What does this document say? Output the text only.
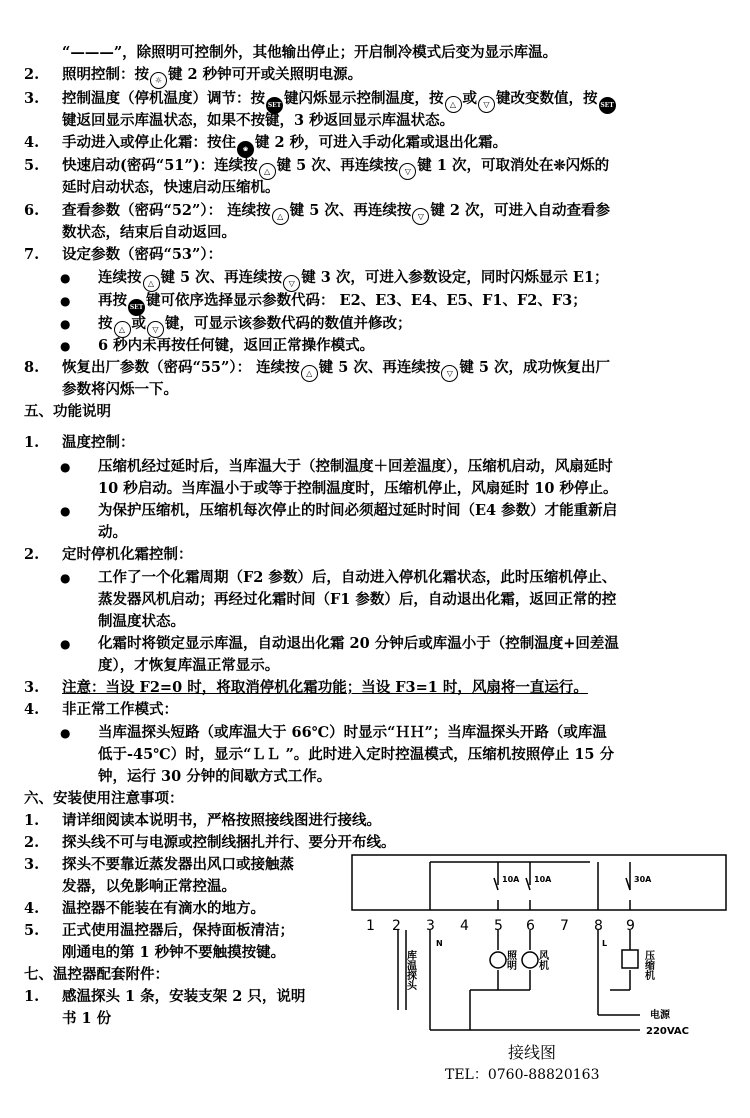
“———”，除照明可控制外，其他输出停止；开启制冷模式后变为显示库温。
2. 照明控制：按 ☼ 键 2 秒钟可开或关照明电源。
3. 控制温度（停机温度）调节：按 SET 键闪烁显示控制温度，按 △ 或 ▽ 键改变数值，按 SET
键返回显示库温状态，如果不按键，3 秒返回显示库温状态。
4. 手动进入或停止化霜：按住 ❀ 键 2 秒，可进入手动化霜或退出化霜。
5. 快速启动(密码“51”)：连续按 △ 键 5 次、再连续按 ▽ 键 1 次，可取消处在❊闪烁的
延时启动状态，快速启动压缩机。
6. 查看参数（密码“52”）： 连续按 △ 键 5 次、再连续按 ▽ 键 2 次，可进入自动查看参
数状态，结束后自动返回。
7. 设定参数（密码“53”）：
● 连续按 △ 键 5 次、再连续按 ▽ 键 3 次，可进入参数设定，同时闪烁显示 E1；
● 再按 SET 键可依序选择显示参数代码： E2、E3、E4、E5、F1、F2、F3；
● 按 △ 或 ▽ 键，可显示该参数代码的数值并修改；
● 6 秒内未再按任何键，返回正常操作模式。
8. 恢复出厂参数（密码“55”）： 连续按 △ 键 5 次、再连续按 ▽ 键 5 次，成功恢复出厂
参数将闪烁一下。
五、功能说明
1. 温度控制：
● 压缩机经过延时后，当库温大于（控制温度＋回差温度），压缩机启动，风扇延时
10 秒启动。当库温小于或等于控制温度时，压缩机停止，风扇延时 10 秒停止。
● 为保护压缩机，压缩机每次停止的时间必须超过延时时间（E4 参数）才能重新启
动。
2. 定时停机化霜控制：
● 工作了一个化霜周期（F2 参数）后，自动进入停机化霜状态，此时压缩机停止、
蒸发器风机启动；再经过化霜时间（F1 参数）后，自动退出化霜，返回正常的控
制温度状态。
● 化霜时将锁定显示库温，自动退出化霜 20 分钟后或库温小于（控制温度+回差温
度），才恢复库温正常显示。
3. 注意：当设 F2=0 时，将取消停机化霜功能；当设 F3=1 时，风扇将一直运行。
4. 非正常工作模式：
● 当库温探头短路（或库温大于 66℃）时显示“ＨＨ”；当库温探头开路（或库温
低于-45℃）时，显示“ＬＬ ”。此时进入定时控温模式，压缩机按照停止 15 分
钟，运行 30 分钟的间歇方式工作。
六、安装使用注意事项：
1. 请详细阅读本说明书，严格按照接线图进行接线。
2. 探头线不可与电源或控制线捆扎并行、要分开布线。
3. 探头不要靠近蒸发器出风口或接触蒸
发器，以免影响正常控温。
4. 温控器不能装在有滴水的地方。
5. 正式使用温控器后，保持面板清洁；
刚通电的第 1 秒钟不要触摸按键。
七、温控器配套附件：
1. 感温探头 1 条，安装支架 2 只，说明
书 1 份
1 2 3 4 5 6 7 8 9
10A 10A	30A
N	L
库温探头	照明 风机	压缩机
电源
220VAC
接线图
TEL：0760-88820163
